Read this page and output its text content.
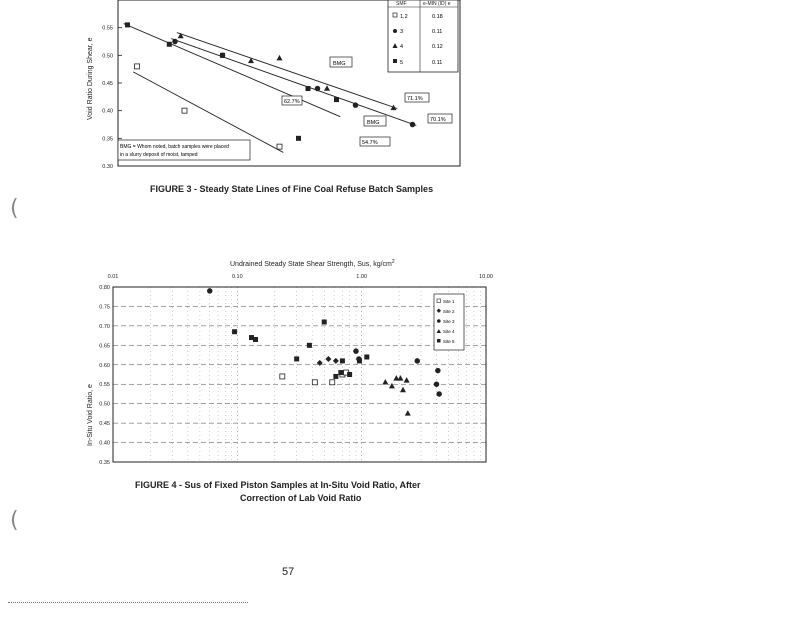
Void Ratio During Shear, e
0.55
0.50
0.45
0.40
0.35
0.30
SMF	e-MIN (ID) e
1,2	0.18
3	0.11
4	0.12
5	0.11
BMG
BMG
62.7%	71.1%
70.1%
54.7%
BMG = Whom noted, batch samples were placed
in a slurry deposit of moist, tamped
FIGURE 3 - Steady State Lines of Fine Coal Refuse Batch Samples
Undrained Steady State Shear Strength, Sus, $kg/cm^2$
In-Situ Void Ratio, e
0.01	0.10	1.00	10.00
0.80
0.75
0.70
0.65
0.60
0.55
0.50
0.45
0.40
0.35
Site 1
Site 2
Site 3
Site 4
Site 5
FIGURE 4 - Sus of Fixed Piston Samples at In-Situ Void Ratio, After
Correction of Lab Void Ratio
57
(
(
